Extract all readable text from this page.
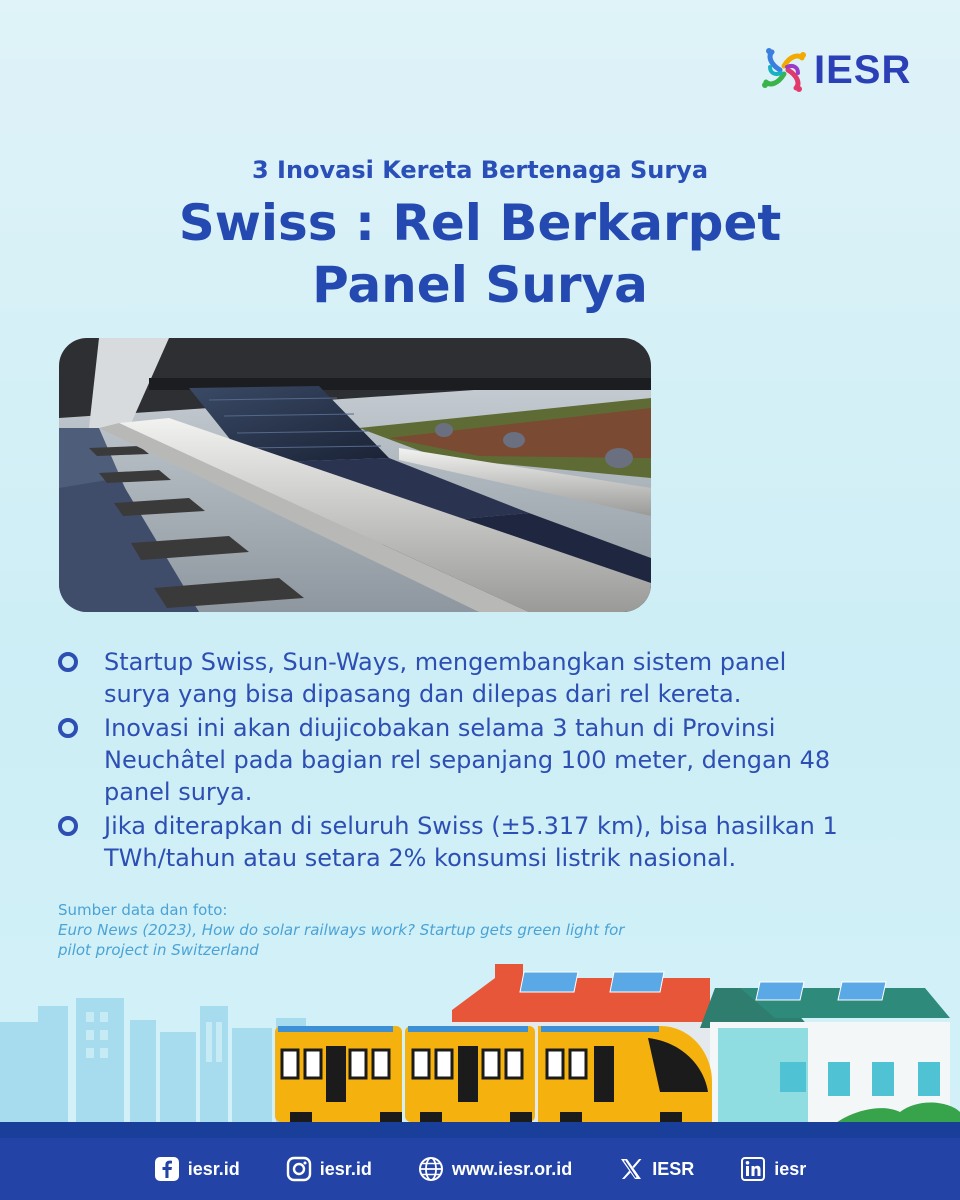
IESR
3 Inovasi Kereta Bertenaga Surya
Swiss : Rel Berkarpet
Panel Surya
Startup Swiss, Sun-Ways, mengembangkan sistem panel surya yang bisa dipasang dan dilepas dari rel kereta.
Inovasi ini akan diujicobakan selama 3 tahun di Provinsi Neuchâtel pada bagian rel sepanjang 100 meter, dengan 48 panel surya.
Jika diterapkan di seluruh Swiss (±5.317 km), bisa hasilkan 1 TWh/tahun atau setara 2% konsumsi listrik nasional.
Sumber data dan foto:
Euro News (2023), How do solar railways work? Startup gets green light for
pilot project in Switzerland
iesr.id	iesr.id	www.iesr.or.id	IESR	iesr
